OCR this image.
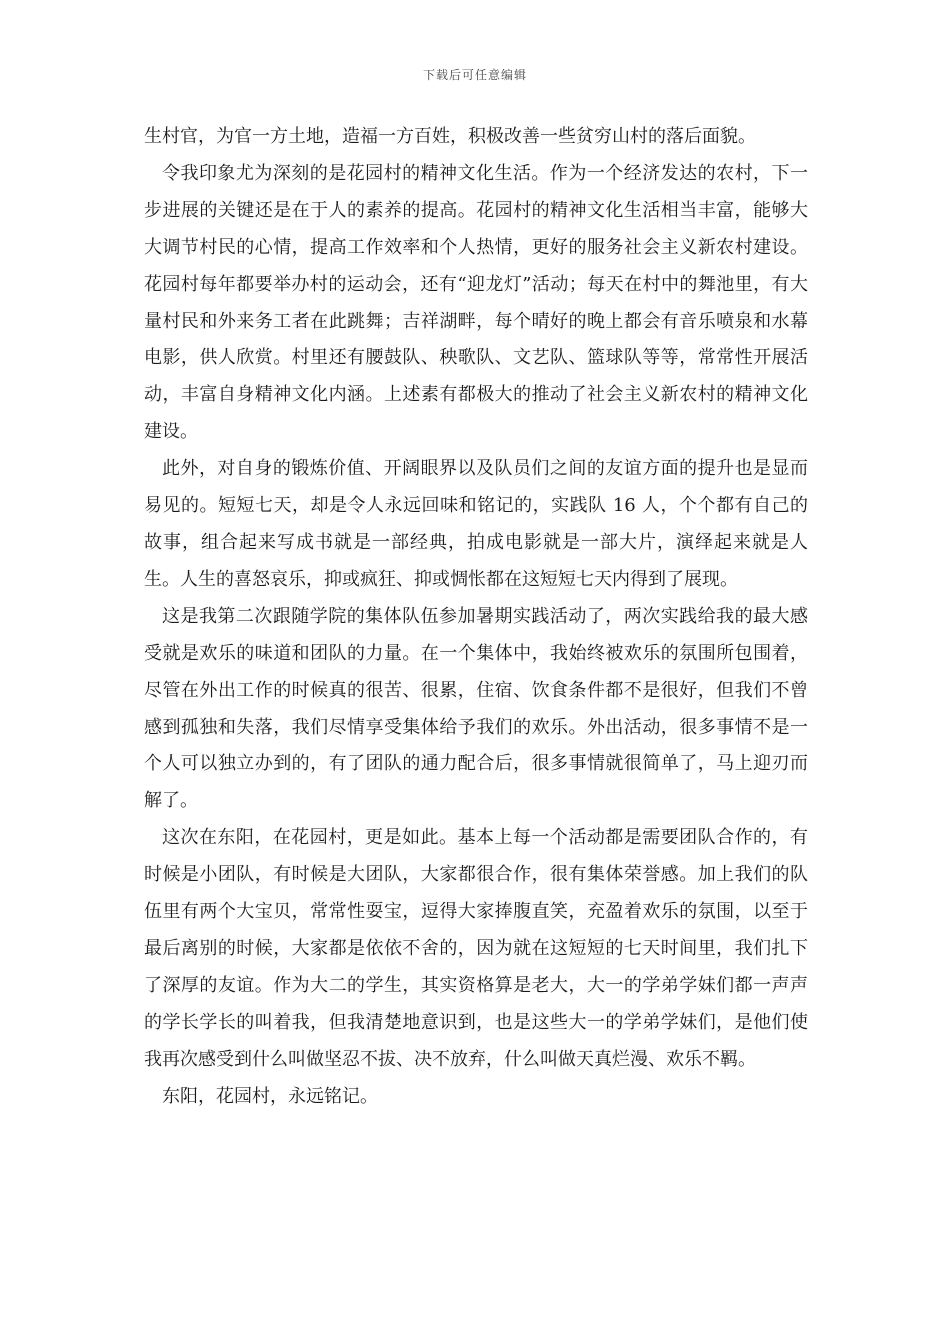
下载后可任意编辑

生村官，为官一方土地，造福一方百姓，积极改善一些贫穷山村的落后面貌。

令我印象尤为深刻的是花园村的精神文化生活。作为一个经济发达的农村，下一步进展的关键还是在于人的素养的提高。花园村的精神文化生活相当丰富，能够大大调节村民的心情，提高工作效率和个人热情，更好的服务社会主义新农村建设。花园村每年都要举办村的运动会，还有“迎龙灯”活动；每天在村中的舞池里，有大量村民和外来务工者在此跳舞；吉祥湖畔，每个晴好的晚上都会有音乐喷泉和水幕电影，供人欣赏。村里还有腰鼓队、秧歌队、文艺队、篮球队等等，常常性开展活动，丰富自身精神文化内涵。上述素有都极大的推动了社会主义新农村的精神文化建设。

此外，对自身的锻炼价值、开阔眼界以及队员们之间的友谊方面的提升也是显而易见的。短短七天，却是令人永远回味和铭记的，实践队 16 人，个个都有自己的故事，组合起来写成书就是一部经典，拍成电影就是一部大片，演绎起来就是人生。人生的喜怒哀乐，抑或疯狂、抑或惆怅都在这短短七天内得到了展现。

这是我第二次跟随学院的集体队伍参加暑期实践活动了，两次实践给我的最大感受就是欢乐的味道和团队的力量。在一个集体中，我始终被欢乐的氛围所包围着，尽管在外出工作的时候真的很苦、很累，住宿、饮食条件都不是很好，但我们不曾感到孤独和失落，我们尽情享受集体给予我们的欢乐。外出活动，很多事情不是一个人可以独立办到的，有了团队的通力配合后，很多事情就很简单了，马上迎刃而解了。

这次在东阳，在花园村，更是如此。基本上每一个活动都是需要团队合作的，有时候是小团队，有时候是大团队，大家都很合作，很有集体荣誉感。加上我们的队伍里有两个大宝贝，常常性耍宝，逗得大家捧腹直笑，充盈着欢乐的氛围，以至于最后离别的时候，大家都是依依不舍的，因为就在这短短的七天时间里，我们扎下了深厚的友谊。作为大二的学生，其实资格算是老大，大一的学弟学妹们都一声声的学长学长的叫着我，但我清楚地意识到，也是这些大一的学弟学妹们，是他们使我再次感受到什么叫做坚忍不拔、决不放弃，什么叫做天真烂漫、欢乐不羁。

东阳，花园村，永远铭记。
